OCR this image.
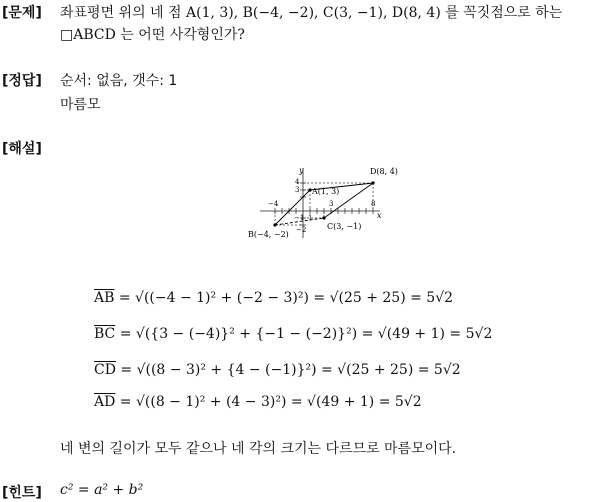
[문제] 좌표평면 위의 네 점 A(1, 3), B(−4, −2), C(3, −1), D(8, 4) 를 꼭짓점으로 하는
□ABCD 는 어떤 사각형인가?
[정답] 순서: 없음, 갯수: 1
마름모
[해설]
y
x
A(1, 3)
B(−4, −2)
C(3, −1)
D(8, 4)
−4	3	8
3
−1
−2
1
4
$\overline{AB} = √((-4 - 1)^2 + (-2 - 3)^2) = √(25 + 25) = 5√2$
$\overline{BC} = √(\{3 - (-4)\}^2 + \{-1 - (-2)\}^2) = √(49 + 1) = 5√2$
$\overline{CD} = √((8 - 3)^2 + \{4 - (-1)\}^2) = √(25 + 25) = 5√2$
$\overline{AD} = √((8 - 1)^2 + (4 - 3)^2) = √(49 + 1) = 5√2$
네 변의 길이가 모두 같으나 네 각의 크기는 다르므로 마름모이다.
[힌트] c² = a² + b²
